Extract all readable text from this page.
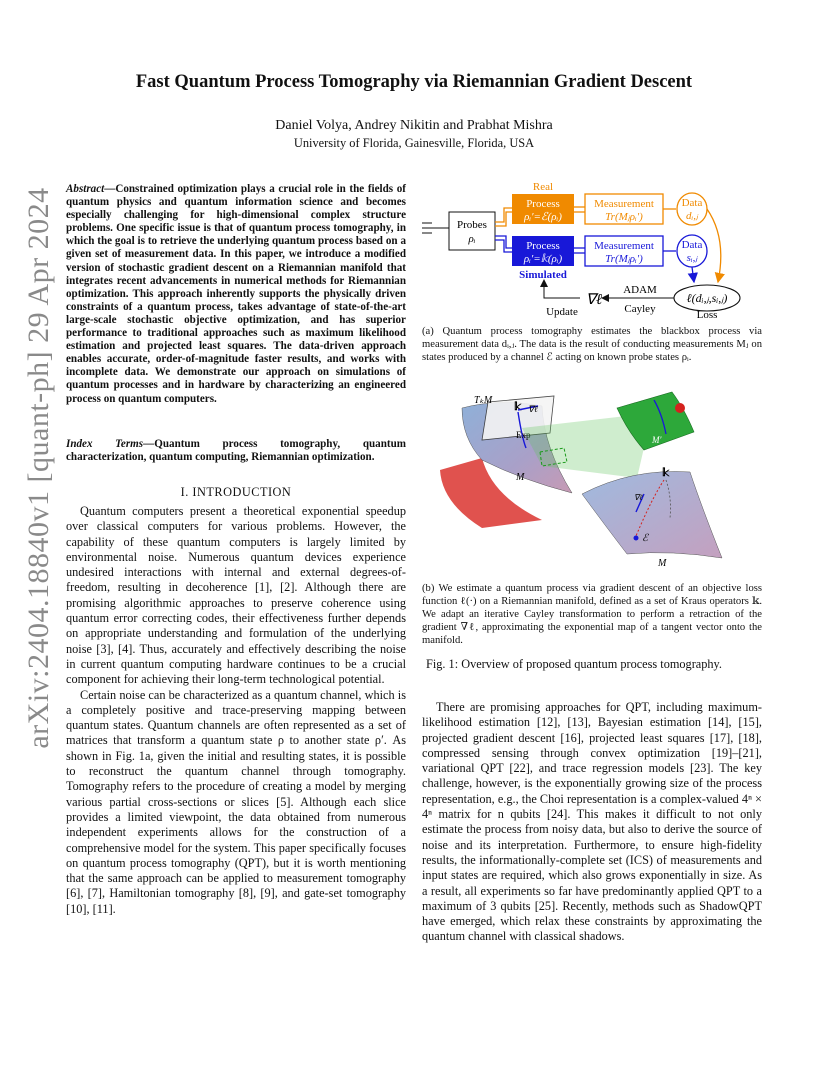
arXiv:2404.18840v1 [quant-ph] 29 Apr 2024
Fast Quantum Process Tomography via Riemannian Gradient Descent
Daniel Volya, Andrey Nikitin and Prabhat Mishra
University of Florida, Gainesville, Florida, USA
Abstract—Constrained optimization plays a crucial role in the fields of quantum physics and quantum information science and becomes especially challenging for high-dimensional complex structure problems. One specific issue is that of quantum process tomography, in which the goal is to retrieve the underlying quantum process based on a given set of measurement data. In this paper, we introduce a modified version of stochastic gradient descent on a Riemannian manifold that integrates recent advancements in numerical methods for Riemannian optimization. This approach inherently supports the physically driven constraints of a quantum process, takes advantage of state-of-the-art large-scale stochastic objective optimization, and has superior performance to traditional approaches such as maximum likelihood estimation and projected least squares. The data-driven approach enables accurate, order-of-magnitude faster results, and works with incomplete data. We demonstrate our approach on simulations of quantum processes and in hardware by characterizing an engineered process on quantum computers.
Index Terms—Quantum process tomography, quantum characterization, quantum computing, Riemannian optimization.
I. INTRODUCTION

Quantum computers present a theoretical exponential speedup over classical computers for various problems. However, the capability of these quantum computers is largely limited by environmental noise. Numerous quantum devices experience undesired interactions with internal and external degrees-of-freedom, resulting in decoherence [1], [2]. Although there are promising algorithmic approaches to preserve coherence using quantum error correcting codes, their effectiveness further depends on appropriate understanding and formulation of the underlying noise [3], [4]. Thus, accurately and effectively describing the noise in current quantum computing hardware continues to be a crucial component for achieving their long-term technological potential.

Certain noise can be characterized as a quantum channel, which is a completely positive and trace-preserving mapping between quantum states. Quantum channels are often represented as a set of matrices that transform a quantum state ρ to another state ρ′. As shown in Fig. 1a, given the initial and resulting states, it is possible to reconstruct the quantum channel through tomography. Tomography refers to the procedure of creating a model by merging various partial cross-sections or slices [5]. Although each slice provides a limited viewpoint, the data obtained from numerous independent experiments allows for the construction of a comprehensive model for the system. This paper specifically focuses on quantum process tomography (QPT), but it is worth mentioning that the same approach can be applied to measurement tomography [6], [7], Hamiltonian tomography [8], [9], and gate-set tomography [10], [11].

Real
Probes
ρᵢ
Process
ρᵢ′=ℰ(ρᵢ)
Measurement
Tr(Mⱼρᵢ′)
Data
dᵢ,ⱼ
Process
ρᵢ′=𝕜(ρᵢ)
Simulated
Measurement
Tr(Mⱼρᵢ′)
Data
sᵢ,ⱼ
ℓ(dᵢ,ⱼ,sᵢ,ⱼ)
Loss
ADAM
Cayley
∇ℓ
Update
(a) Quantum process tomography estimates the blackbox process via measurement data dᵢ,ⱼ. The data is the result of conducting measurements Mⱼ on states produced by a channel ℰ acting on known probe states ρᵢ.
TₖM
𝕜 ∇ℓ
Exp
M
M′
𝕜
∇ℓ
ℰ
M
(b) We estimate a quantum process via gradient descent of an objective loss function ℓ(·) on a Riemannian manifold, defined as a set of Kraus operators 𝕜. We adapt an iterative Cayley transformation to perform a retraction of the gradient ∇ℓ, approximating the exponential map of a tangent vector onto the manifold.
Fig. 1: Overview of proposed quantum process tomography.

There are promising approaches for QPT, including maximum-likelihood estimation [12], [13], Bayesian estimation [14], [15], projected gradient descent [16], projected least squares [17], [18], compressed sensing through convex optimization [19]–[21], variational QPT [22], and trace regression models [23]. The key challenge, however, is the exponentially growing size of the process representation, e.g., the Choi representation is a complex-valued 4ⁿ × 4ⁿ matrix for n qubits [24]. This makes it difficult to not only estimate the process from noisy data, but also to derive the source of noise and its interpretation. Furthermore, to ensure high-fidelity results, the informationally-complete set (ICS) of measurements and input states are required, which also grows exponentially in size. As a result, all experiments so far have predominantly applied QPT to a maximum of 3 qubits [25]. Recently, methods such as ShadowQPT have emerged, which relax these constraints by approximating the quantum channel with classical shadows.
